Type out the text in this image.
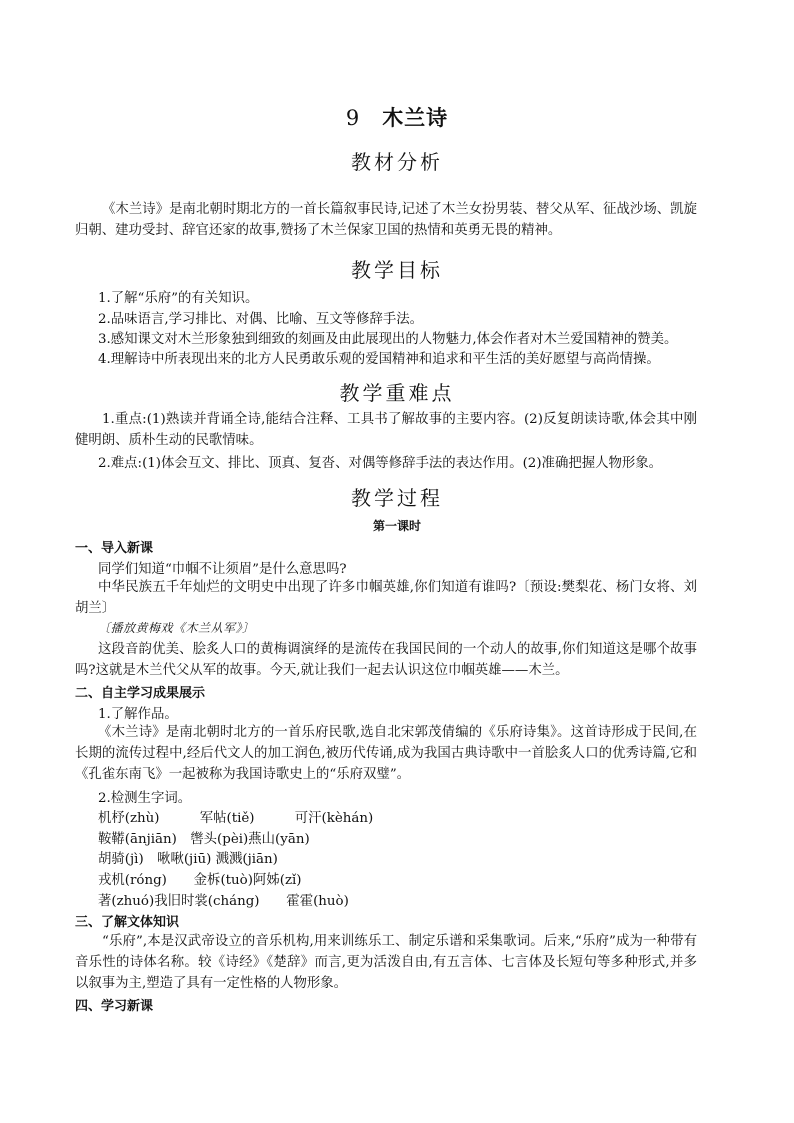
9 木兰诗
教材分析
《木兰诗》是南北朝时期北方的一首长篇叙事民诗,记述了木兰女扮男装、替父从军、征战沙场、凯旋归朝、建功受封、辞官还家的故事,赞扬了木兰保家卫国的热情和英勇无畏的精神。
教学目标
1.了解“乐府”的有关知识。
2.品味语言,学习排比、对偶、比喻、互文等修辞手法。
3.感知课文对木兰形象独到细致的刻画及由此展现出的人物魅力,体会作者对木兰爱国精神的赞美。
4.理解诗中所表现出来的北方人民勇敢乐观的爱国精神和追求和平生活的美好愿望与高尚情操。
教学重难点
1.重点:(1)熟读并背诵全诗,能结合注释、工具书了解故事的主要内容。(2)反复朗读诗歌,体会其中刚健明朗、质朴生动的民歌情味。
2.难点:(1)体会互文、排比、顶真、复沓、对偶等修辞手法的表达作用。(2)准确把握人物形象。
教学过程
第一课时
一、导入新课
同学们知道“巾帼不让须眉”是什么意思吗?
中华民族五千年灿烂的文明史中出现了许多巾帼英雄,你们知道有谁吗?〔预设:樊梨花、杨门女将、刘胡兰〕
〔播放黄梅戏《木兰从军》〕
这段音韵优美、脍炙人口的黄梅调演绎的是流传在我国民间的一个动人的故事,你们知道这是哪个故事吗?这就是木兰代父从军的故事。今天,就让我们一起去认识这位巾帼英雄——木兰。
二、自主学习成果展示
1.了解作品。
《木兰诗》是南北朝时北方的一首乐府民歌,选自北宋郭茂倩编的《乐府诗集》。这首诗形成于民间,在长期的流传过程中,经后代文人的加工润色,被历代传诵,成为我国古典诗歌中一首脍炙人口的优秀诗篇,它和《孔雀东南飞》一起被称为我国诗歌史上的“乐府双璧”。
2.检测生字词。
机杼(zhù)　　　军帖(tiě)　　　可汗(kèhán)
鞍鞯(ānjiān)　辔头(pèi)燕山(yān)
胡骑(jì)　啾啾(jiū) 溅溅(jiān)
戎机(róng)　　金柝(tuò)阿姊(zǐ)
著(zhuó)我旧时裳(cháng)　　霍霍(huò)
三、了解文体知识
“乐府”,本是汉武帝设立的音乐机构,用来训练乐工、制定乐谱和采集歌词。后来,“乐府”成为一种带有音乐性的诗体名称。较《诗经》《楚辞》而言,更为活泼自由,有五言体、七言体及长短句等多种形式,并多以叙事为主,塑造了具有一定性格的人物形象。
四、学习新课
